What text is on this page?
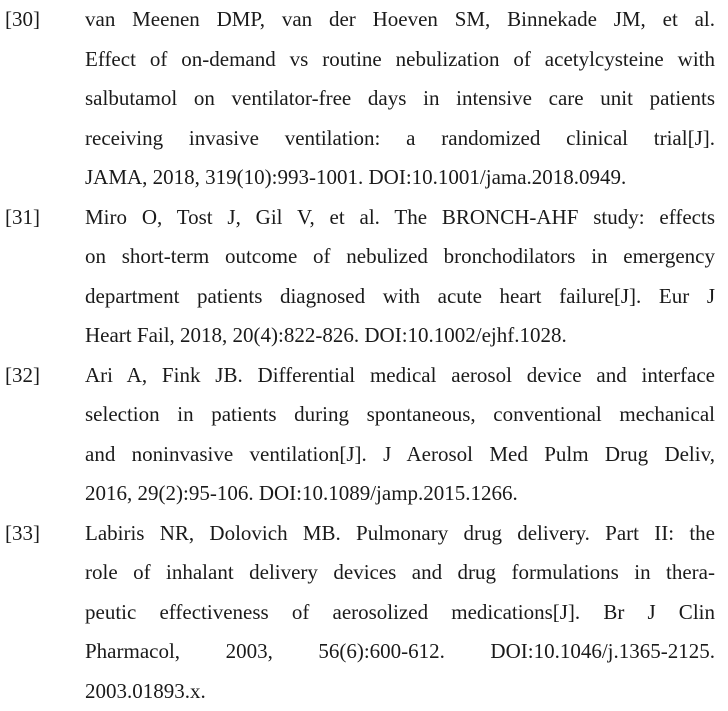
[30] van Meenen DMP, van der Hoeven SM, Binnekade JM, et al.
Effect of on-demand vs routine nebulization of acetylcysteine with
salbutamol on ventilator-free days in intensive care unit patients
receiving invasive ventilation: a randomized clinical trial[J].
JAMA, 2018, 319(10):993-1001. DOI:10.1001/jama.2018.0949.
[31] Miro O, Tost J, Gil V, et al. The BRONCH-AHF study: effects
on short-term outcome of nebulized bronchodilators in emergency
department patients diagnosed with acute heart failure[J]. Eur J
Heart Fail, 2018, 20(4):822-826. DOI:10.1002/ejhf.1028.
[32] Ari A, Fink JB. Differential medical aerosol device and interface
selection in patients during spontaneous, conventional mechanical
and noninvasive ventilation[J]. J Aerosol Med Pulm Drug Deliv,
2016, 29(2):95-106. DOI:10.1089/jamp.2015.1266.
[33] Labiris NR, Dolovich MB. Pulmonary drug delivery. Part II: the
role of inhalant delivery devices and drug formulations in thera-
peutic effectiveness of aerosolized medications[J]. Br J Clin
Pharmacol, 2003, 56(6):600-612. DOI:10.1046/j.1365-2125.
2003.01893.x.
